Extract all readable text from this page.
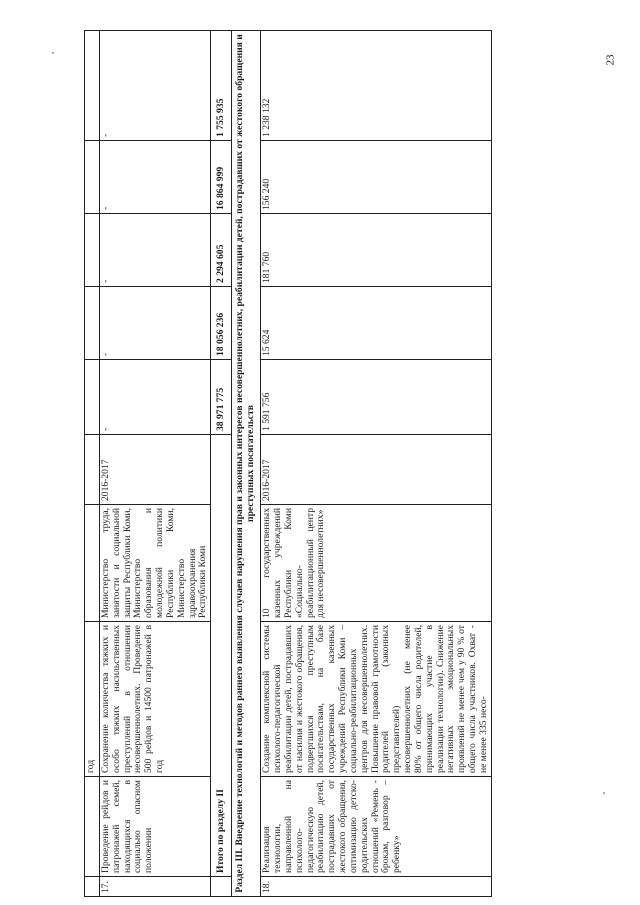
23
		год							
17.	Проведение рейдов и патронажей семей, находящихся в социально опасном положении	Сохранение количества тяжких и особо тяжких насильственных преступлений в отношении несовершеннолетних. Проведение 500 рейдов и 14500 патронажей в год	Министерство труда, занятости и социальной защиты Республики Коми, Министерство образования и молодежной политики Республики Коми, Министерство здравоохранения Республики Коми	2016-2017	-	-	-	-	-
	Итого по разделу II				38 971 775	18 056 236	2 294 605	16 864 999	1 755 935
Раздел III. Внедрение технологий и методов раннего выявления случаев нарушения прав и законных интересов несовершеннолетних, реабилитации детей, пострадавших от жестокого обращения и преступных посягательств									
18.	Реализация технологии, направленной на психолого-педагогическую реабилитацию детей, пострадавших от жестокого обращения, оптимизацию детско-родительских отношений «Ремень - брокам, разговор – ребенку»	Создание комплексной системы психолого-педагогической реабилитации детей, пострадавших от насилия и жестокого обращения, подвергшихся преступным посягательствам, на базе государственных казенных учреждений Республики Коми – социально-реабилитационных центров для несовершеннолетних. Повышение правовой грамотности родителей (законных представителей) несовершеннолетних (не менее 80% от общего числа родителей, принимающих участие в реализации технологии). Снижение негативных эмоциональных проявлений не менее чем у 90 % от общего числа участников. Охват - не менее 335 несо-	10 государственных казенных учреждений Республики Коми «Социально-реабилитационный центр для несовершеннолетних»	2016-2017	1 591 756	15 624	181 760	156 240	1 238 132
